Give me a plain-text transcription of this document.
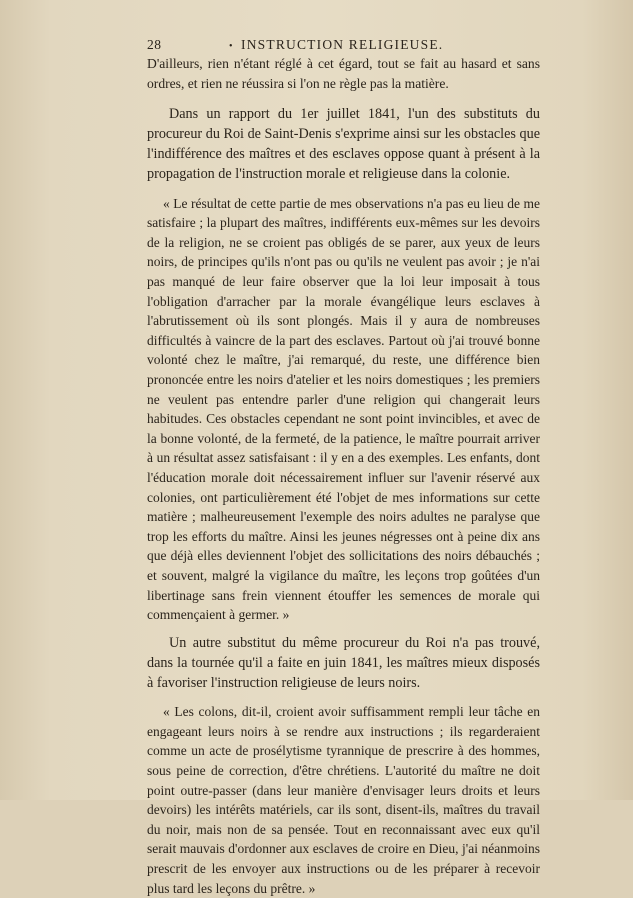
28	• INSTRUCTION RELIGIEUSE.

D'ailleurs, rien n'étant réglé à cet égard, tout se fait au hasard et sans ordres, et rien ne réussira si l'on ne règle pas la matière.

Dans un rapport du 1er juillet 1841, l'un des substituts du procureur du Roi de Saint-Denis s'exprime ainsi sur les obstacles que l'indifférence des maîtres et des esclaves oppose quant à présent à la propagation de l'instruction morale et religieuse dans la colonie.

« Le résultat de cette partie de mes observations n'a pas eu lieu de me satisfaire ; la plupart des maîtres, indifférents eux-mêmes sur les devoirs de la religion, ne se croient pas obligés de se parer, aux yeux de leurs noirs, de principes qu'ils n'ont pas ou qu'ils ne veulent pas avoir ; je n'ai pas manqué de leur faire observer que la loi leur imposait à tous l'obligation d'arracher par la morale évangélique leurs esclaves à l'abrutissement où ils sont plongés. Mais il y aura de nombreuses difficultés à vaincre de la part des esclaves. Partout où j'ai trouvé bonne volonté chez le maître, j'ai remarqué, du reste, une différence bien prononcée entre les noirs d'atelier et les noirs domestiques ; les premiers ne veulent pas entendre parler d'une religion qui changerait leurs habitudes. Ces obstacles cependant ne sont point invincibles, et avec de la bonne volonté, de la fermeté, de la patience, le maître pourrait arriver à un résultat assez satisfaisant : il y en a des exemples. Les enfants, dont l'éducation morale doit nécessairement influer sur l'avenir réservé aux colonies, ont particulièrement été l'objet de mes informations sur cette matière ; malheureusement l'exemple des noirs adultes ne paralyse que trop les efforts du maître. Ainsi les jeunes négresses ont à peine dix ans que déjà elles deviennent l'objet des sollicitations des noirs débauchés ; et souvent, malgré la vigilance du maître, les leçons trop goûtées d'un libertinage sans frein viennent étouffer les semences de morale qui commençaient à germer. »

Un autre substitut du même procureur du Roi n'a pas trouvé, dans la tournée qu'il a faite en juin 1841, les maîtres mieux disposés à favoriser l'instruction religieuse de leurs noirs.

« Les colons, dit-il, croient avoir suffisamment rempli leur tâche en engageant leurs noirs à se rendre aux instructions ; ils regarderaient comme un acte de prosélytisme tyrannique de prescrire à des hommes, sous peine de correction, d'être chrétiens. L'autorité du maître ne doit point outre-passer (dans leur manière d'envisager leurs droits et leurs devoirs) les intérêts matériels, car ils sont, disent-ils, maîtres du travail du noir, mais non de sa pensée. Tout en reconnaissant avec eux qu'il serait mauvais d'ordonner aux esclaves de croire en Dieu, j'ai néanmoins prescrit de les envoyer aux instructions ou de les préparer à recevoir plus tard les leçons du prêtre. »
